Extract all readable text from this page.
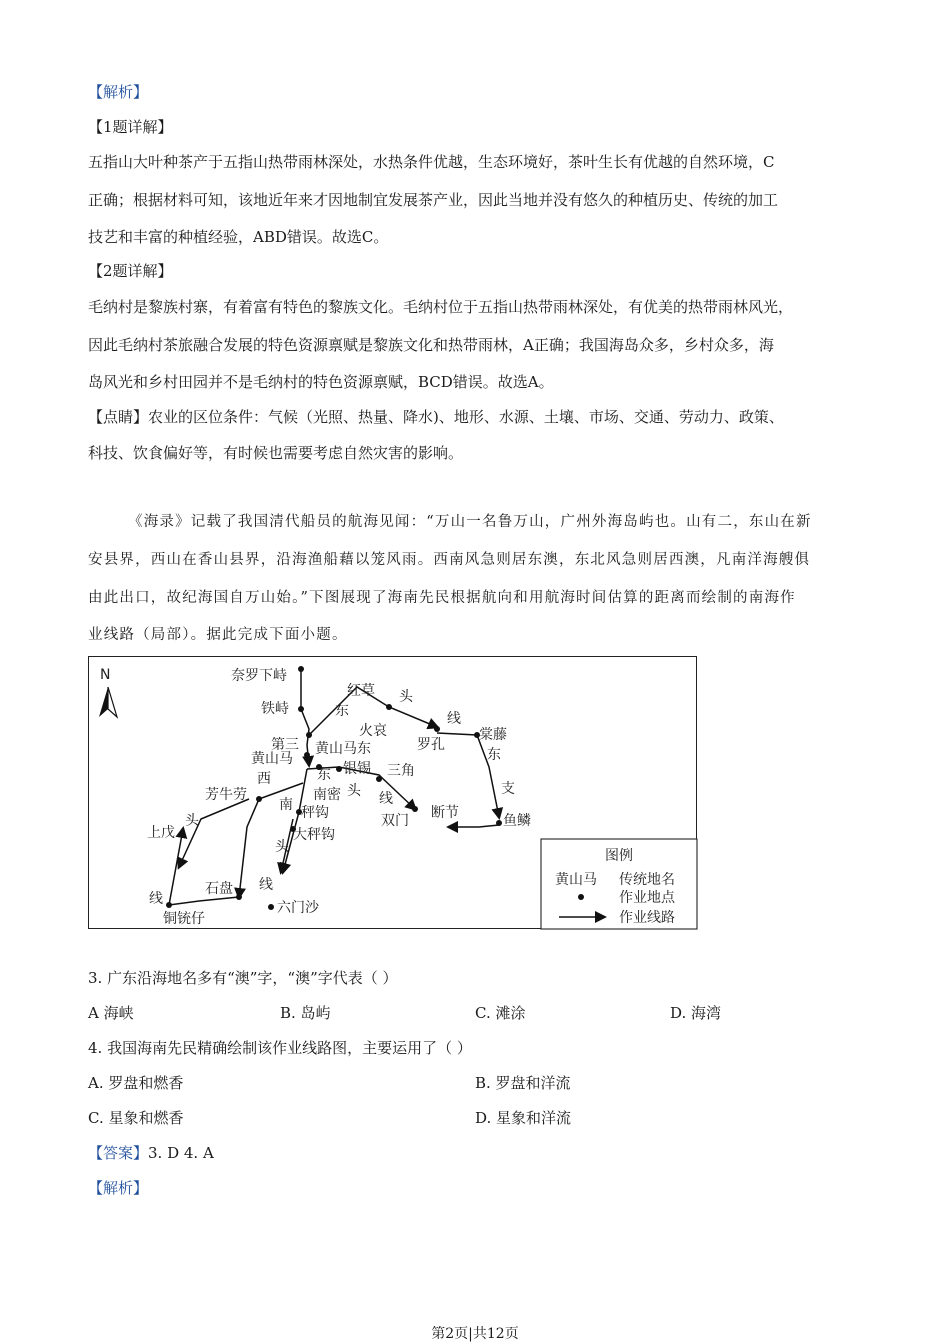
【解析】
【1题详解】
五指山大叶种茶产于五指山热带雨林深处，水热条件优越，生态环境好，茶叶生长有优越的自然环境，C
正确；根据材料可知，该地近年来才因地制宜发展茶产业，因此当地并没有悠久的种植历史、传统的加工
技艺和丰富的种植经验，ABD错误。故选C。
【2题详解】
毛纳村是黎族村寨，有着富有特色的黎族文化。毛纳村位于五指山热带雨林深处，有优美的热带雨林风光，
因此毛纳村茶旅融合发展的特色资源禀赋是黎族文化和热带雨林，A正确；我国海岛众多，乡村众多，海
岛风光和乡村田园并不是毛纳村的特色资源禀赋，BCD错误。故选A。
【点睛】农业的区位条件：气候（光照、热量、降水)、地形、水源、土壤、市场、交通、劳动力、政策、
科技、饮食偏好等，有时候也需要考虑自然灾害的影响。
《海录》记载了我国清代船员的航海见闻：“万山一名鲁万山，广州外海岛屿也。山有二，东山在新
安县界，西山在香山县界，沿海渔船藉以笼风雨。西南风急则居东澳，东北风急则居西澳，凡南洋海艘俱
由此出口，故纪海国自万山始。”下图展现了海南先民根据航向和用航海时间估算的距离而绘制的南海作
业线路（局部）。据此完成下面小题。
N	奈罗下峙
铁峙
第三
红草 头
东
火哀
线
罗孔
黄山马东
黄山马
西	东 银锡
头
三角
棠藤
东
芳牛劳
南
南密	线
双门 断节
支
鱼鳞
头
上戊
秤钩
大秤钩
头
石盘 线
线
铜铳仔
六门沙
图例
黄山马 传统地名
作业地点
作业线路
3. 广东沿海地名多有“澳”字，“澳”字代表（ ）
A 海峡	B. 岛屿	C. 滩涂	D. 海湾
4. 我国海南先民精确绘制该作业线路图，主要运用了（ ）
A. 罗盘和燃香	B. 罗盘和洋流
C. 星象和燃香	D. 星象和洋流
【答案】3. D 4. A
【解析】
第2页|共12页
